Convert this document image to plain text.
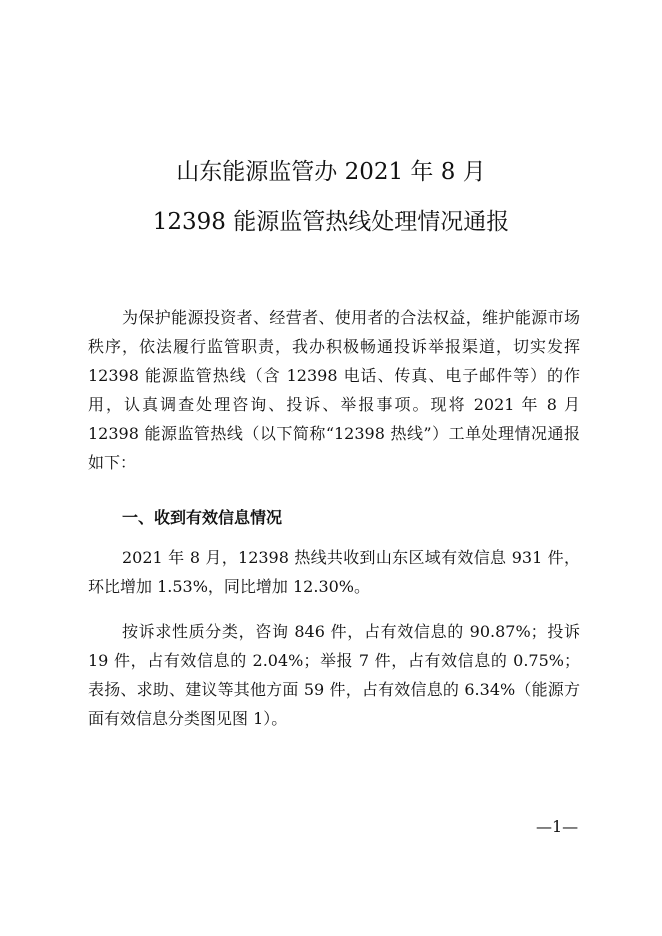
山东能源监管办 2021 年 8 月
12398 能源监管热线处理情况通报

为保护能源投资者、经营者、使用者的合法权益，维护能源市场秩序，依法履行监管职责，我办积极畅通投诉举报渠道，切实发挥 12398 能源监管热线（含 12398 电话、传真、电子邮件等）的作用，认真调查处理咨询、投诉、举报事项。现将 2021 年 8 月 12398 能源监管热线（以下简称“12398 热线”）工单处理情况通报如下：

一、收到有效信息情况

2021 年 8 月，12398 热线共收到山东区域有效信息 931 件，环比增加 1.53%，同比增加 12.30%。

按诉求性质分类，咨询 846 件，占有效信息的 90.87%；投诉 19 件，占有效信息的 2.04%；举报 7 件，占有效信息的 0.75%；表扬、求助、建议等其他方面 59 件，占有效信息的 6.34%（能源方面有效信息分类图见图 1）。

—1—
